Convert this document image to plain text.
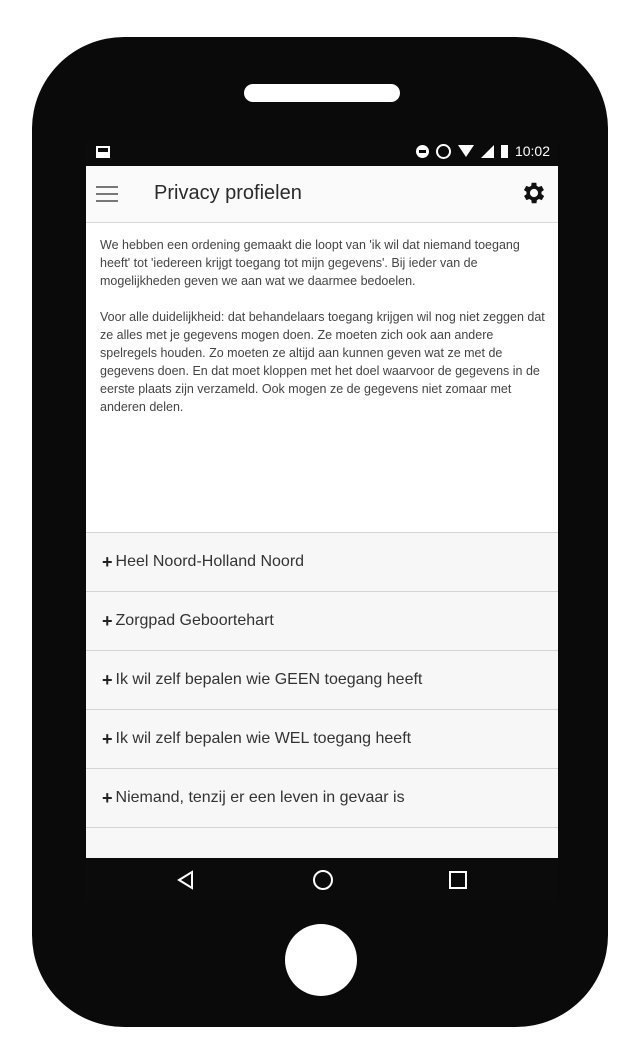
10:02
Privacy profielen

We hebben een ordening gemaakt die loopt van 'ik wil dat niemand toegang heeft' tot 'iedereen krijgt toegang tot mijn gegevens'. Bij ieder van de mogelijkheden geven we aan wat we daarmee bedoelen.

Voor alle duidelijkheid: dat behandelaars toegang krijgen wil nog niet zeggen dat ze alles met je gegevens mogen doen. Ze moeten zich ook aan andere spelregels houden. Zo moeten ze altijd aan kunnen geven wat ze met de gegevens doen. En dat moet kloppen met het doel waarvoor de gegevens in de eerste plaats zijn verzameld. Ook mogen ze de gegevens niet zomaar met anderen delen.

+ Heel Noord-Holland Noord
+ Zorgpad Geboortehart
+ Ik wil zelf bepalen wie GEEN toegang heeft
+ Ik wil zelf bepalen wie WEL toegang heeft
+ Niemand, tenzij er een leven in gevaar is
